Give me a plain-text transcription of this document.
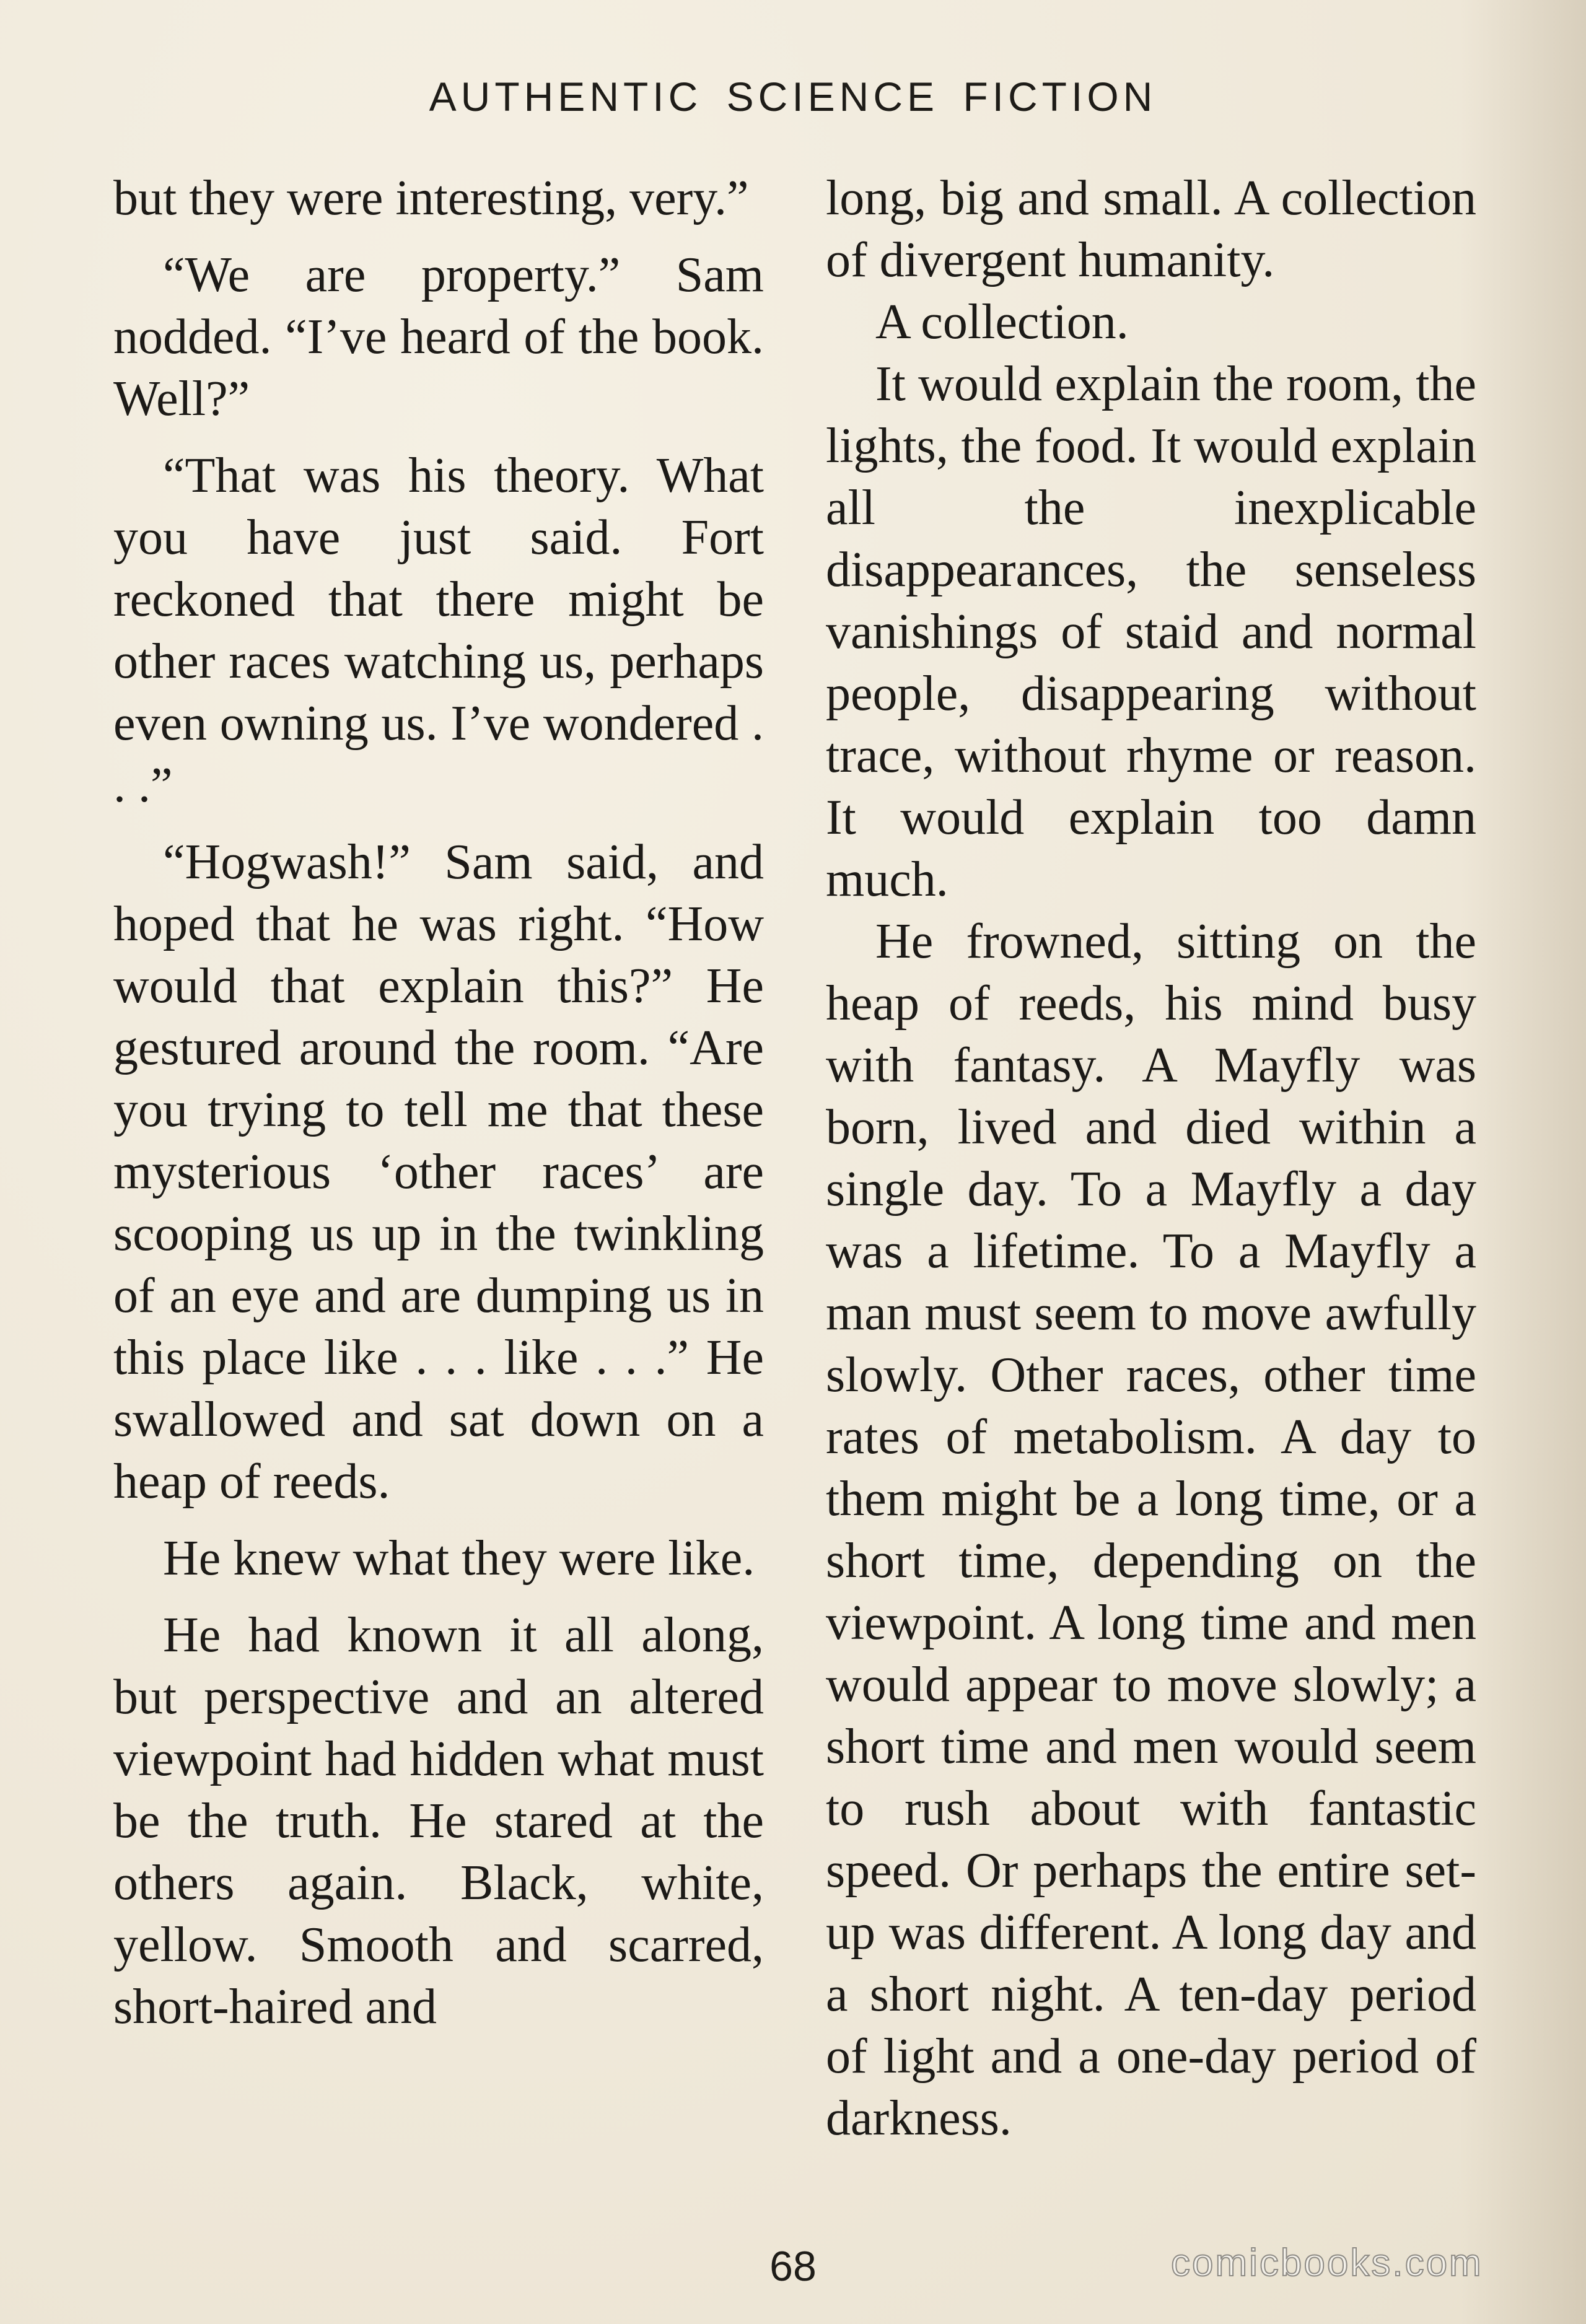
AUTHENTIC SCIENCE FICTION

but they were interesting, very.”

“We are property.” Sam nodded. “I’ve heard of the book. Well?”

“That was his theory. What you have just said. Fort reckoned that there might be other races watching us, perhaps even owning us. I’ve wondered . . .”

“Hogwash!” Sam said, and hoped that he was right. “How would that explain this?” He gestured around the room. “Are you trying to tell me that these mysterious ‘other races’ are scooping us up in the twinkling of an eye and are dumping us in this place like . . . like . . .” He swallowed and sat down on a heap of reeds.

He knew what they were like.

He had known it all along, but perspective and an altered viewpoint had hidden what must be the truth. He stared at the others again. Black, white, yellow. Smooth and scarred, short-haired and

long, big and small. A collection of divergent humanity.

A collection.

It would explain the room, the lights, the food. It would explain all the inexplicable disappearances, the senseless vanishings of staid and normal people, disappearing without trace, without rhyme or reason. It would explain too damn much.

He frowned, sitting on the heap of reeds, his mind busy with fantasy. A Mayfly was born, lived and died within a single day. To a Mayfly a day was a lifetime. To a Mayfly a man must seem to move awfully slowly. Other races, other time rates of metabolism. A day to them might be a long time, or a short time, depending on the viewpoint. A long time and men would appear to move slowly; a short time and men would seem to rush about with fantastic speed. Or perhaps the entire set-up was different. A long day and a short night. A ten-day period of light and a one-day period of darkness.

68	comicbooks.com
